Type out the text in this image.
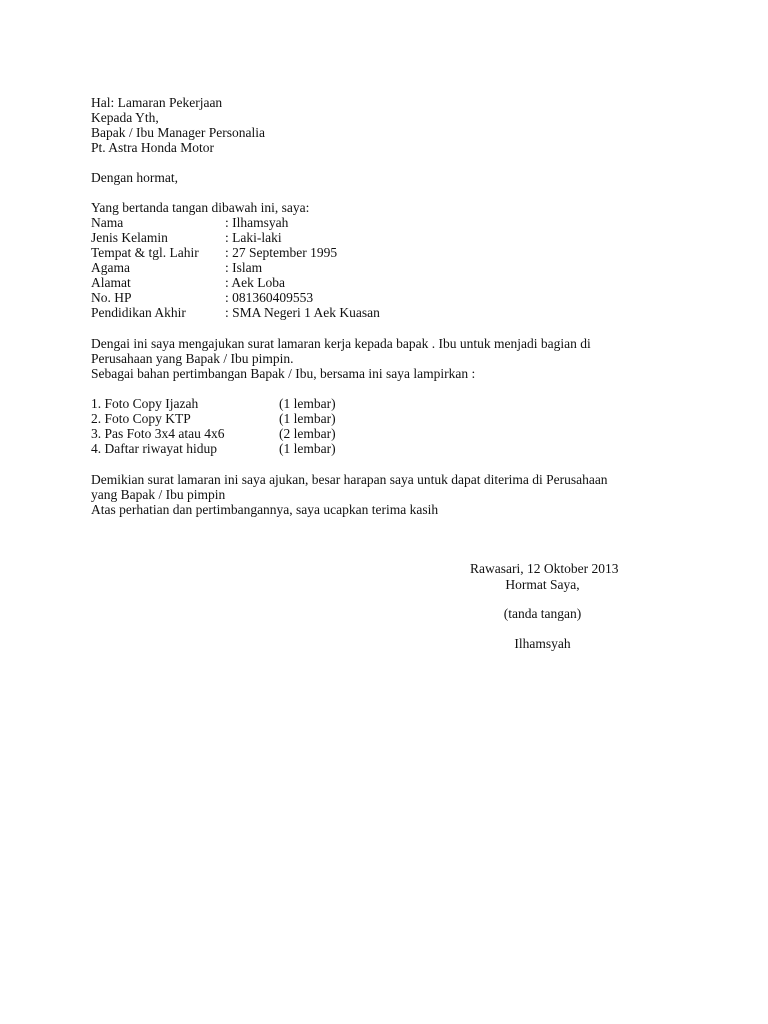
Hal: Lamaran Pekerjaan
Kepada Yth,
Bapak / Ibu Manager Personalia
Pt. Astra Honda Motor
Dengan hormat,
Yang bertanda tangan dibawah ini, saya:
Nama	: Ilhamsyah
Jenis Kelamin	: Laki-laki
Tempat & tgl. Lahir	: 27 September 1995
Agama	: Islam
Alamat	: Aek Loba
No. HP	: 081360409553
Pendidikan Akhir	: SMA Negeri 1 Aek Kuasan
Dengai ini saya mengajukan surat lamaran kerja kepada bapak . Ibu untuk menjadi bagian di
Perusahaan yang Bapak / Ibu pimpin.
Sebagai bahan pertimbangan Bapak / Ibu, bersama ini saya lampirkan :
1. Foto Copy Ijazah	(1 lembar)
2. Foto Copy KTP	(1 lembar)
3. Pas Foto 3x4 atau 4x6	(2 lembar)
4. Daftar riwayat hidup	(1 lembar)
Demikian surat lamaran ini saya ajukan, besar harapan saya untuk dapat diterima di Perusahaan
yang Bapak / Ibu pimpin
Atas perhatian dan pertimbangannya, saya ucapkan terima kasih
Rawasari, 12 Oktober 2013
Hormat Saya,
(tanda tangan)
Ilhamsyah
